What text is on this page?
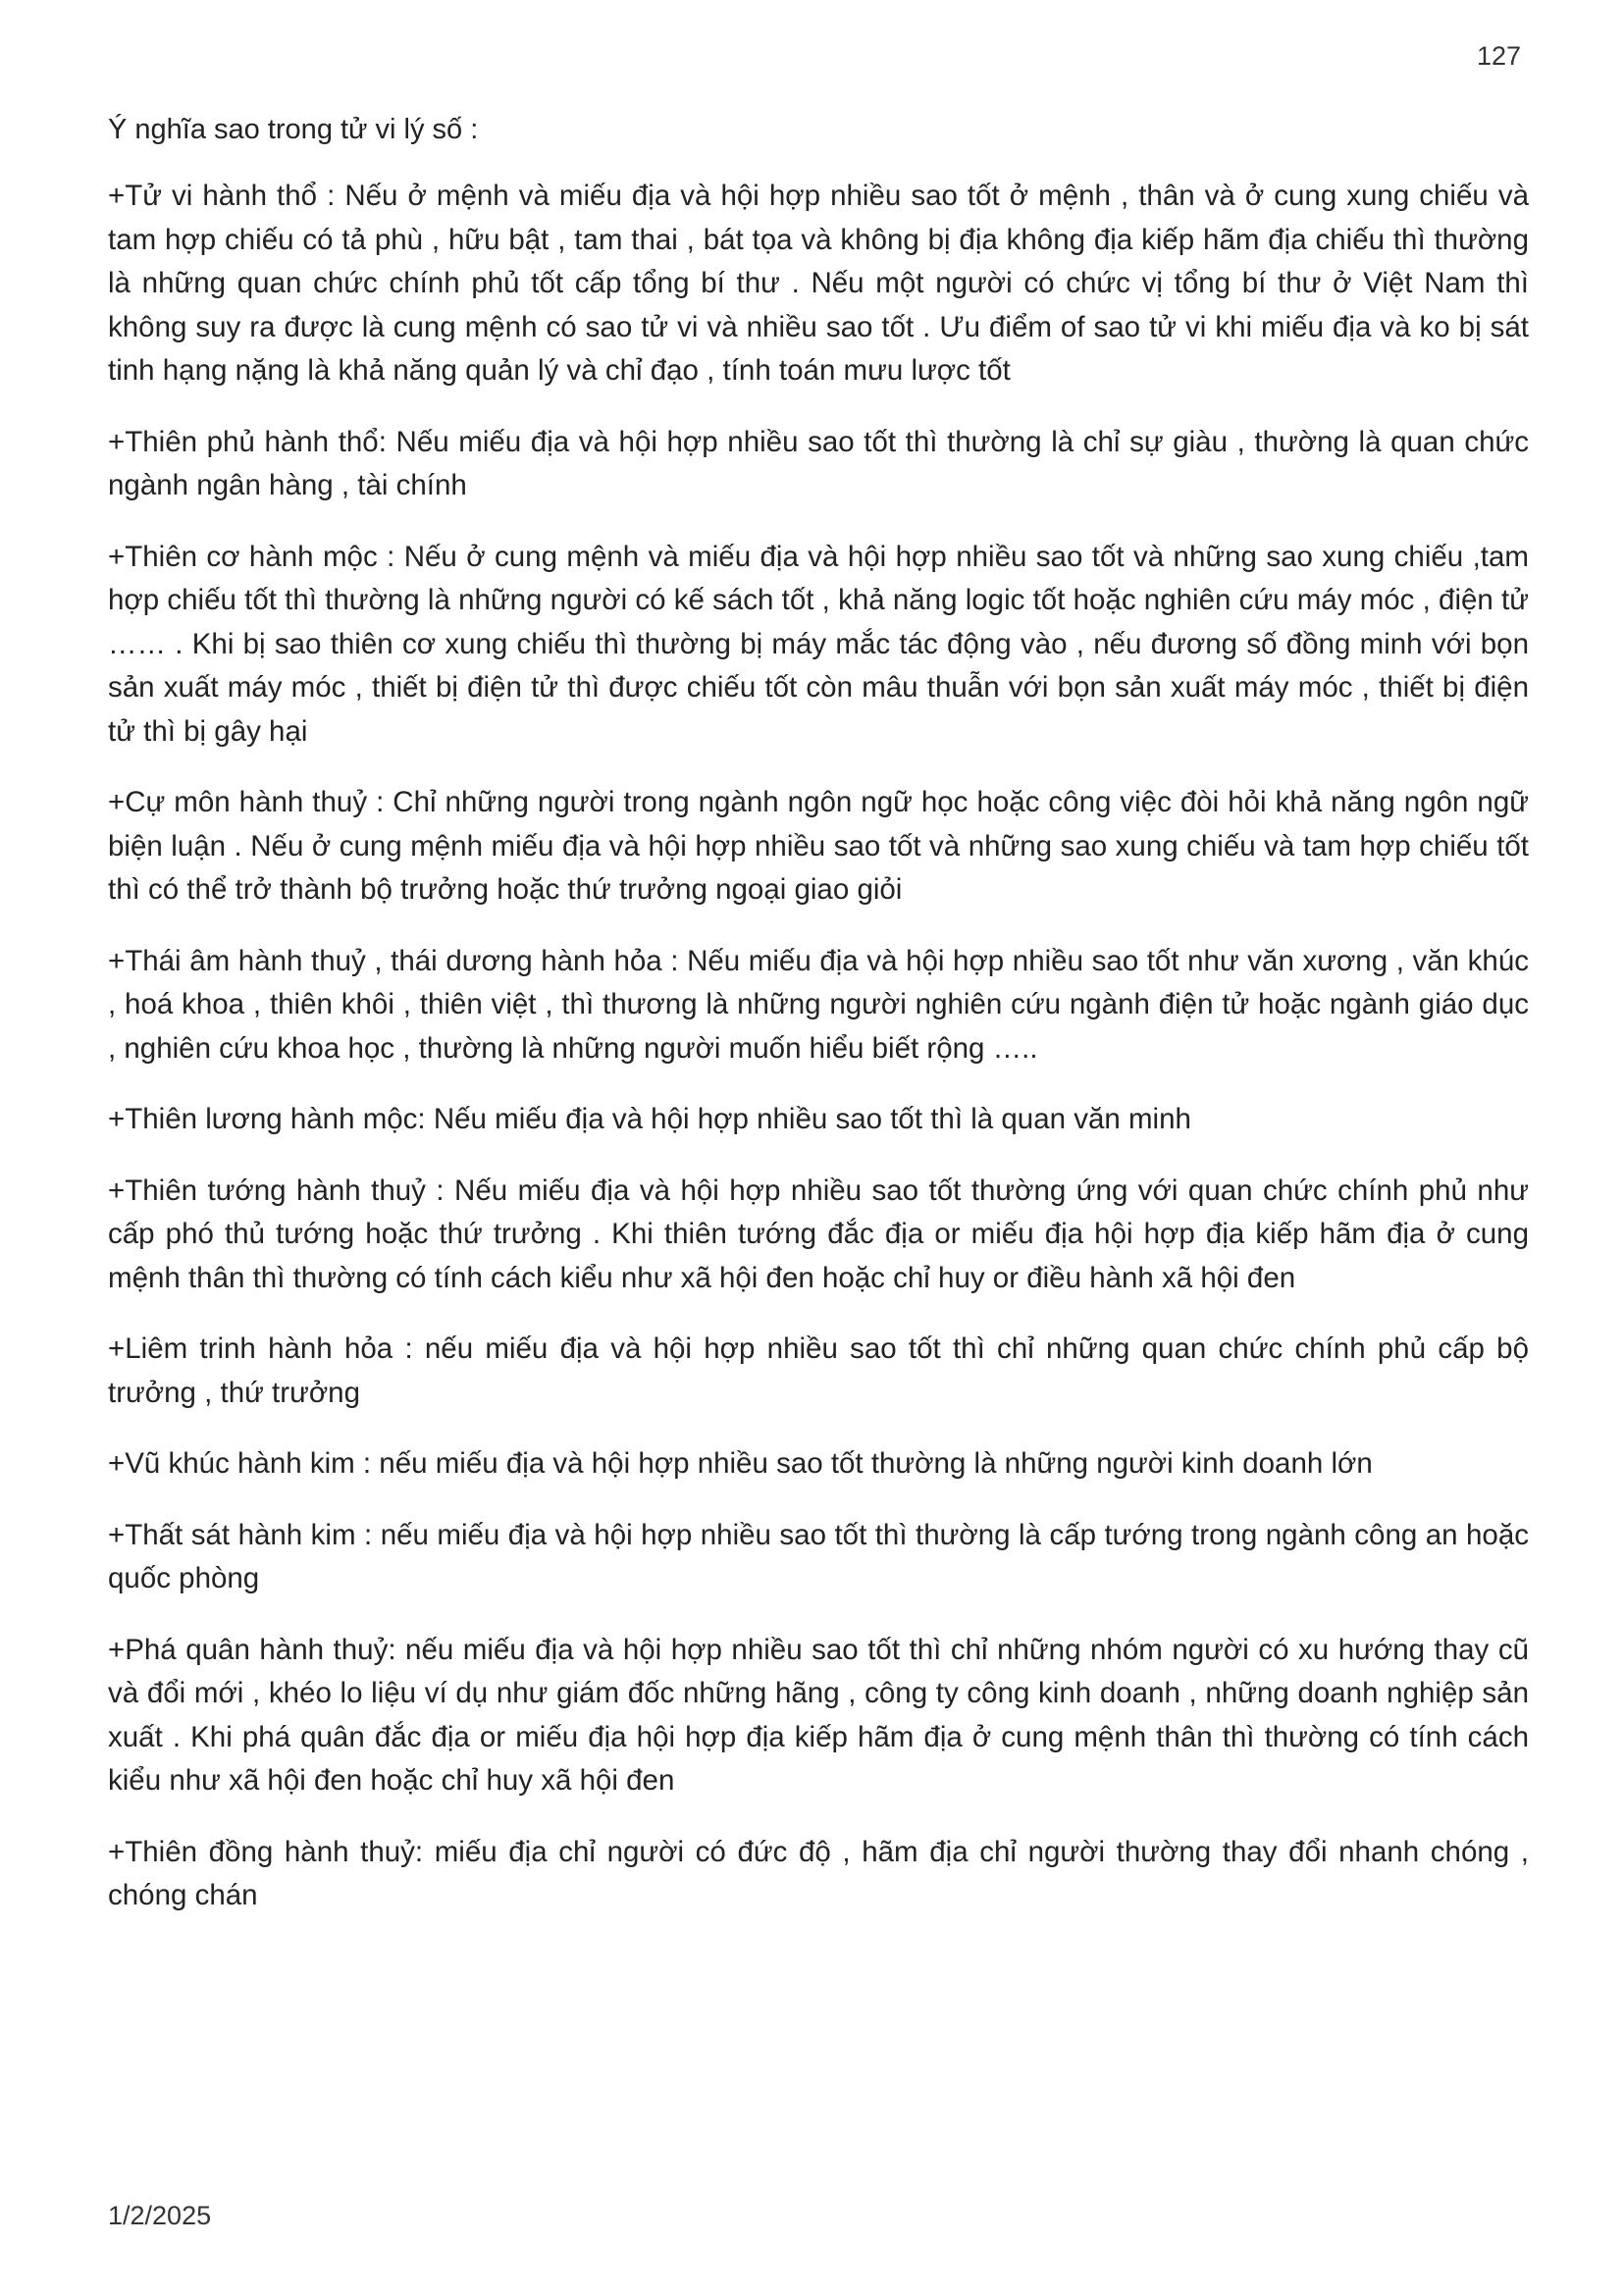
127
Ý nghĩa sao trong tử vi lý số :

+Tử vi hành thổ : Nếu ở mệnh và miếu địa và hội hợp nhiều sao tốt ở mệnh , thân và ở cung xung chiếu và tam hợp chiếu có tả phù , hữu bật , tam thai , bát tọa và không bị địa không địa kiếp hãm địa chiếu thì thường là những quan chức chính phủ tốt cấp tổng bí thư . Nếu một người có chức vị tổng bí thư ở Việt Nam thì không suy ra được là cung mệnh có sao tử vi và nhiều sao tốt . Ưu điểm of sao tử vi khi miếu địa và ko bị sát tinh hạng nặng là khả năng quản lý và chỉ đạo , tính toán mưu lược tốt

+Thiên phủ hành thổ: Nếu miếu địa và hội hợp nhiều sao tốt thì thường là chỉ sự giàu , thường là quan chức ngành ngân hàng , tài chính

+Thiên cơ hành mộc : Nếu ở cung mệnh và miếu địa và hội hợp nhiều sao tốt và những sao xung chiếu ,tam hợp chiếu tốt thì thường là những người có kế sách tốt , khả năng logic tốt hoặc nghiên cứu máy móc , điện tử …… . Khi bị sao thiên cơ xung chiếu thì thường bị máy mắc tác động vào , nếu đương số đồng minh với bọn sản xuất máy móc , thiết bị điện tử thì được chiếu tốt còn mâu thuẫn với bọn sản xuất máy móc , thiết bị điện tử thì bị gây hại

+Cự môn hành thuỷ : Chỉ những người trong ngành ngôn ngữ học hoặc công việc đòi hỏi khả năng ngôn ngữ biện luận . Nếu ở cung mệnh miếu địa và hội hợp nhiều sao tốt và những sao xung chiếu và tam hợp chiếu tốt thì có thể trở thành bộ trưởng hoặc thứ trưởng ngoại giao giỏi

+Thái âm hành thuỷ , thái dương hành hỏa : Nếu miếu địa và hội hợp nhiều sao tốt như văn xương , văn khúc , hoá khoa , thiên khôi , thiên việt , thì thương là những người nghiên cứu ngành điện tử hoặc ngành giáo dục , nghiên cứu khoa học , thường là những người muốn hiểu biết rộng …..

+Thiên lương hành mộc: Nếu miếu địa và hội hợp nhiều sao tốt thì là quan văn minh

+Thiên tướng hành thuỷ : Nếu miếu địa và hội hợp nhiều sao tốt thường ứng với quan chức chính phủ như cấp phó thủ tướng hoặc thứ trưởng . Khi thiên tướng đắc địa or miếu địa hội hợp địa kiếp hãm địa ở cung mệnh thân thì thường có tính cách kiểu như xã hội đen hoặc chỉ huy or điều hành xã hội đen

+Liêm trinh hành hỏa : nếu miếu địa và hội hợp nhiều sao tốt thì chỉ những quan chức chính phủ cấp bộ trưởng , thứ trưởng

+Vũ khúc hành kim : nếu miếu địa và hội hợp nhiều sao tốt thường là những người kinh doanh lớn

+Thất sát hành kim : nếu miếu địa và hội hợp nhiều sao tốt thì thường là cấp tướng trong ngành công an hoặc quốc phòng

+Phá quân hành thuỷ: nếu miếu địa và hội hợp nhiều sao tốt thì chỉ những nhóm người có xu hướng thay cũ và đổi mới , khéo lo liệu ví dụ như giám đốc những hãng , công ty công kinh doanh , những doanh nghiệp sản xuất . Khi phá quân đắc địa or miếu địa hội hợp địa kiếp hãm địa ở cung mệnh thân thì thường có tính cách kiểu như xã hội đen hoặc chỉ huy xã hội đen

+Thiên đồng hành thuỷ: miếu địa chỉ người có đức độ , hãm địa chỉ người thường thay đổi nhanh chóng , chóng chán

1/2/2025
